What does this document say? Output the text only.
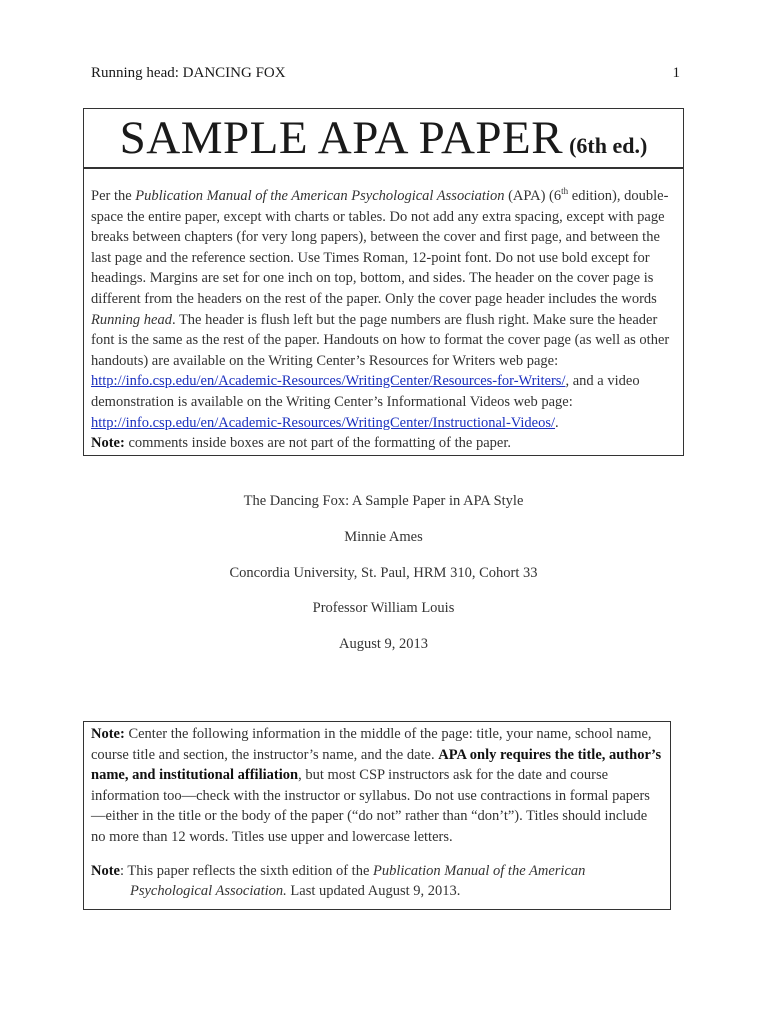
Running head: DANCING FOX	1
SAMPLE APA PAPER (6th ed.)
Per the Publication Manual of the American Psychological Association (APA) (6th edition), double-space the entire paper, except with charts or tables. Do not add any extra spacing, except with page breaks between chapters (for very long papers), between the cover and first page, and between the last page and the reference section. Use Times Roman, 12-point font. Do not use bold except for headings. Margins are set for one inch on top, bottom, and sides. The header on the cover page is different from the headers on the rest of the paper. Only the cover page header includes the words Running head. The header is flush left but the page numbers are flush right. Make sure the header font is the same as the rest of the paper. Handouts on how to format the cover page (as well as other handouts) are available on the Writing Center’s Resources for Writers web page: http://info.csp.edu/en/Academic-Resources/WritingCenter/Resources-for-Writers/, and a video demonstration is available on the Writing Center’s Informational Videos web page: http://info.csp.edu/en/Academic-Resources/WritingCenter/Instructional-Videos/.
Note: comments inside boxes are not part of the formatting of the paper.
The Dancing Fox: A Sample Paper in APA Style
Minnie Ames
Concordia University, St. Paul, HRM 310, Cohort 33
Professor William Louis
August 9, 2013

Note: Center the following information in the middle of the page: title, your name, school name, course title and section, the instructor’s name, and the date. APA only requires the title, author’s name, and institutional affiliation, but most CSP instructors ask for the date and course information too—check with the instructor or syllabus. Do not use contractions in formal papers—either in the title or the body of the paper (“do not” rather than “don’t”). Titles should include no more than 12 words. Titles use upper and lowercase letters.

Note: This paper reflects the sixth edition of the Publication Manual of the American Psychological Association. Last updated August 9, 2013.
